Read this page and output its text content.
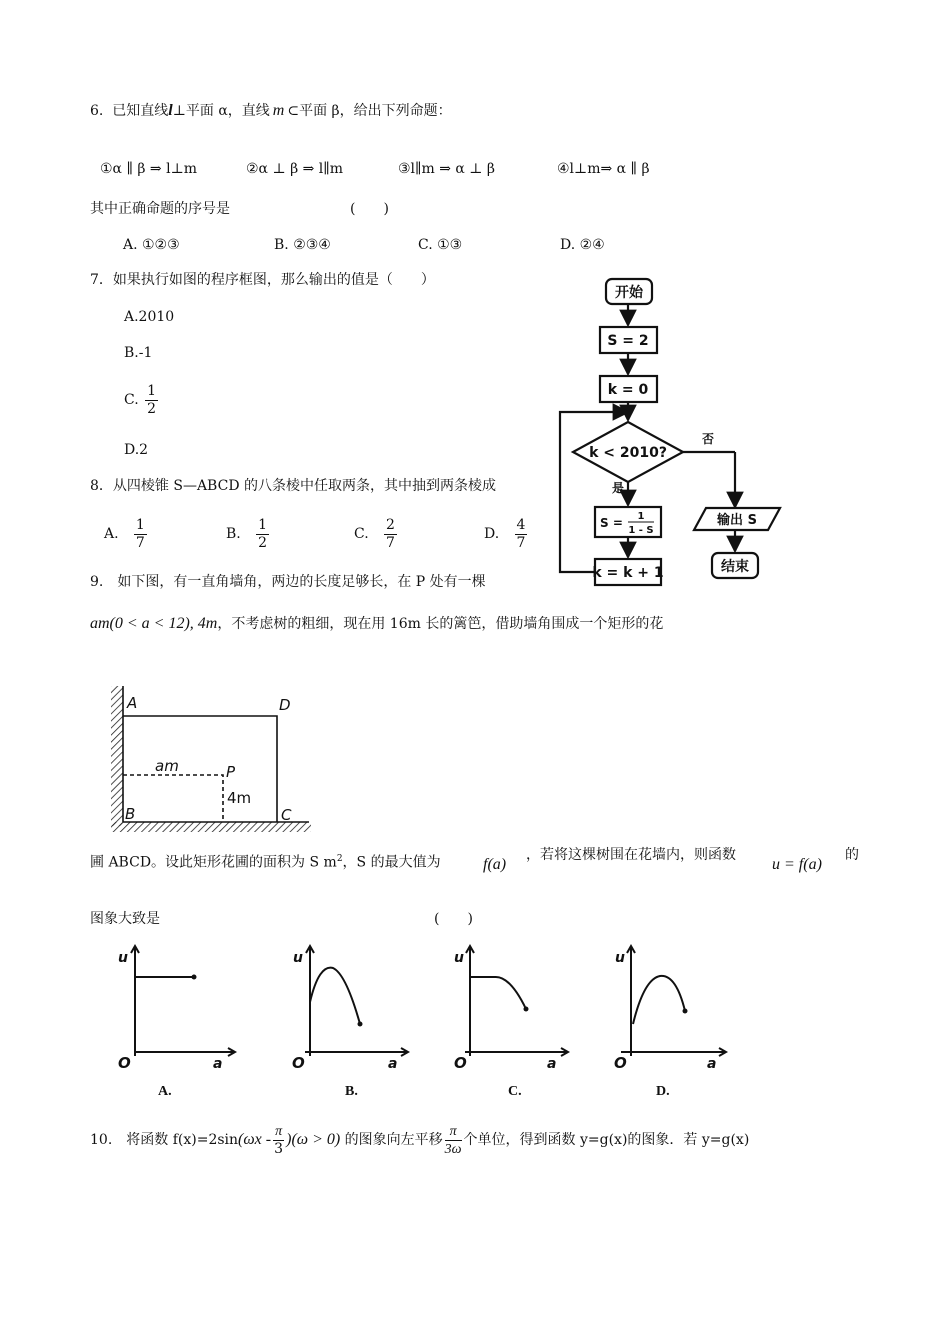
6. 已知直线l⊥平面 α，直线 m ⊂平面 β，给出下列命题：
①α ∥ β ⇒ l⊥m	②α ⊥ β ⇒ l∥m	③l∥m ⇒ α ⊥ β	④l⊥m⇒ α ∥ β
其中正确命题的序号是	(　　)
A. ①②③	B. ②③④	C. ①③	D. ②④
7．如果执行如图的程序框图，那么输出的值是（　　）
A.2010
B.-1
C. $\frac{1}{2}$
D.2
开始
S = 2
k = 0
k < 2010?
否
是
S = 1
1 - S
k = k + 1
输出 S
结束
8．从四棱锥 S—ABCD 的八条棱中任取两条，其中抽到两条棱成
A. $\frac{1}{7}$	B. $\frac{1}{2}$	C. $\frac{2}{7}$	D. $\frac{4}{7}$
9.　如下图，有一直角墙角，两边的长度足够长，在 P 处有一棵
am(0 < a < 12), 4m，不考虑树的粗细，现在用 16m 长的篱笆，借助墙角围成一个矩形的花
A	D
P
B	C
am
4m
圃 ABCD。设此矩形花圃的面积为 S $m^2$，S 的最大值为	f(a)
，若将这棵树围在花墙内，则函数
u = f(a)
的
图象大致是	(　　)
u
O	a
A.
u
O	a
B.
u
O	a
C.
u
O	a
D.
10.　将函数 $f(x)=2\sin(\omega x - \frac{\pi}{3} )(\omega > 0)$ 的图象向左平移 $\frac{\pi}{3\omega}$ 个单位，得到函数 y=g(x)的图象．若 y=g(x)
